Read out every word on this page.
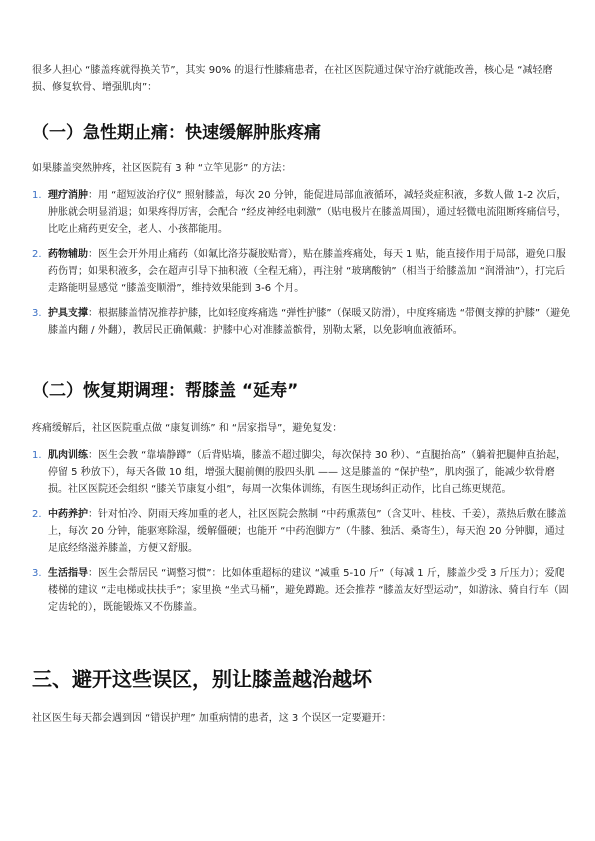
很多人担心 “膝盖疼就得换关节”，其实 90% 的退行性膝痛患者，在社区医院通过保守治疗就能改善，核心是 “减轻磨损、修复软骨、增强肌肉”：

（一）急性期止痛：快速缓解肿胀疼痛

如果膝盖突然肿疼，社区医院有 3 种 “立竿见影” 的方法：

1. 理疗消肿：用 “超短波治疗仪” 照射膝盖，每次 20 分钟，能促进局部血液循环，减轻炎症积液，多数人做 1-2 次后，肿胀就会明显消退；如果疼得厉害，会配合 “经皮神经电刺激”（贴电极片在膝盖周围），通过轻微电流阻断疼痛信号，比吃止痛药更安全，老人、小孩都能用。
2. 药物辅助：医生会开外用止痛药（如氟比洛芬凝胶贴膏），贴在膝盖疼痛处，每天 1 贴，能直接作用于局部，避免口服药伤胃；如果积液多，会在超声引导下抽积液（全程无痛），再注射 “玻璃酸钠”（相当于给膝盖加 “润滑油”），打完后走路能明显感觉 “膝盖变顺滑”，维持效果能到 3-6 个月。
3. 护具支撑：根据膝盖情况推荐护膝，比如轻度疼痛选 “弹性护膝”（保暖又防滑），中度疼痛选 “带侧支撑的护膝”（避免膝盖内翻 / 外翻），教居民正确佩戴：护膝中心对准膝盖髌骨，别勒太紧，以免影响血液循环。
（二）恢复期调理：帮膝盖 “延寿”

疼痛缓解后，社区医院重点做 “康复训练” 和 “居家指导”，避免复发：

1. 肌肉训练：医生会教 “靠墙静蹲”（后背贴墙，膝盖不超过脚尖，每次保持 30 秒）、“直腿抬高”（躺着把腿伸直抬起，停留 5 秒放下），每天各做 10 组，增强大腿前侧的股四头肌 —— 这是膝盖的 “保护垫”，肌肉强了，能减少软骨磨损。社区医院还会组织 “膝关节康复小组”，每周一次集体训练，有医生现场纠正动作，比自己练更规范。
2. 中药养护：针对怕冷、阴雨天疼加重的老人，社区医院会熬制 “中药熏蒸包”（含艾叶、桂枝、千姜），蒸热后敷在膝盖上，每次 20 分钟，能驱寒除湿，缓解僵硬；也能开 “中药泡脚方”（牛膝、独活、桑寄生），每天泡 20 分钟脚，通过足底经络滋养膝盖，方便又舒服。
3. 生活指导：医生会帮居民 “调整习惯”：比如体重超标的建议 “减重 5-10 斤”（每减 1 斤，膝盖少受 3 斤压力）；爱爬楼梯的建议 “走电梯或扶扶手”；家里换 “坐式马桶”，避免蹲跪。还会推荐 “膝盖友好型运动”，如游泳、骑自行车（固定齿轮的），既能锻炼又不伤膝盖。
三、避开这些误区，别让膝盖越治越坏

社区医生每天都会遇到因 “错误护理” 加重病情的患者，这 3 个误区一定要避开：
